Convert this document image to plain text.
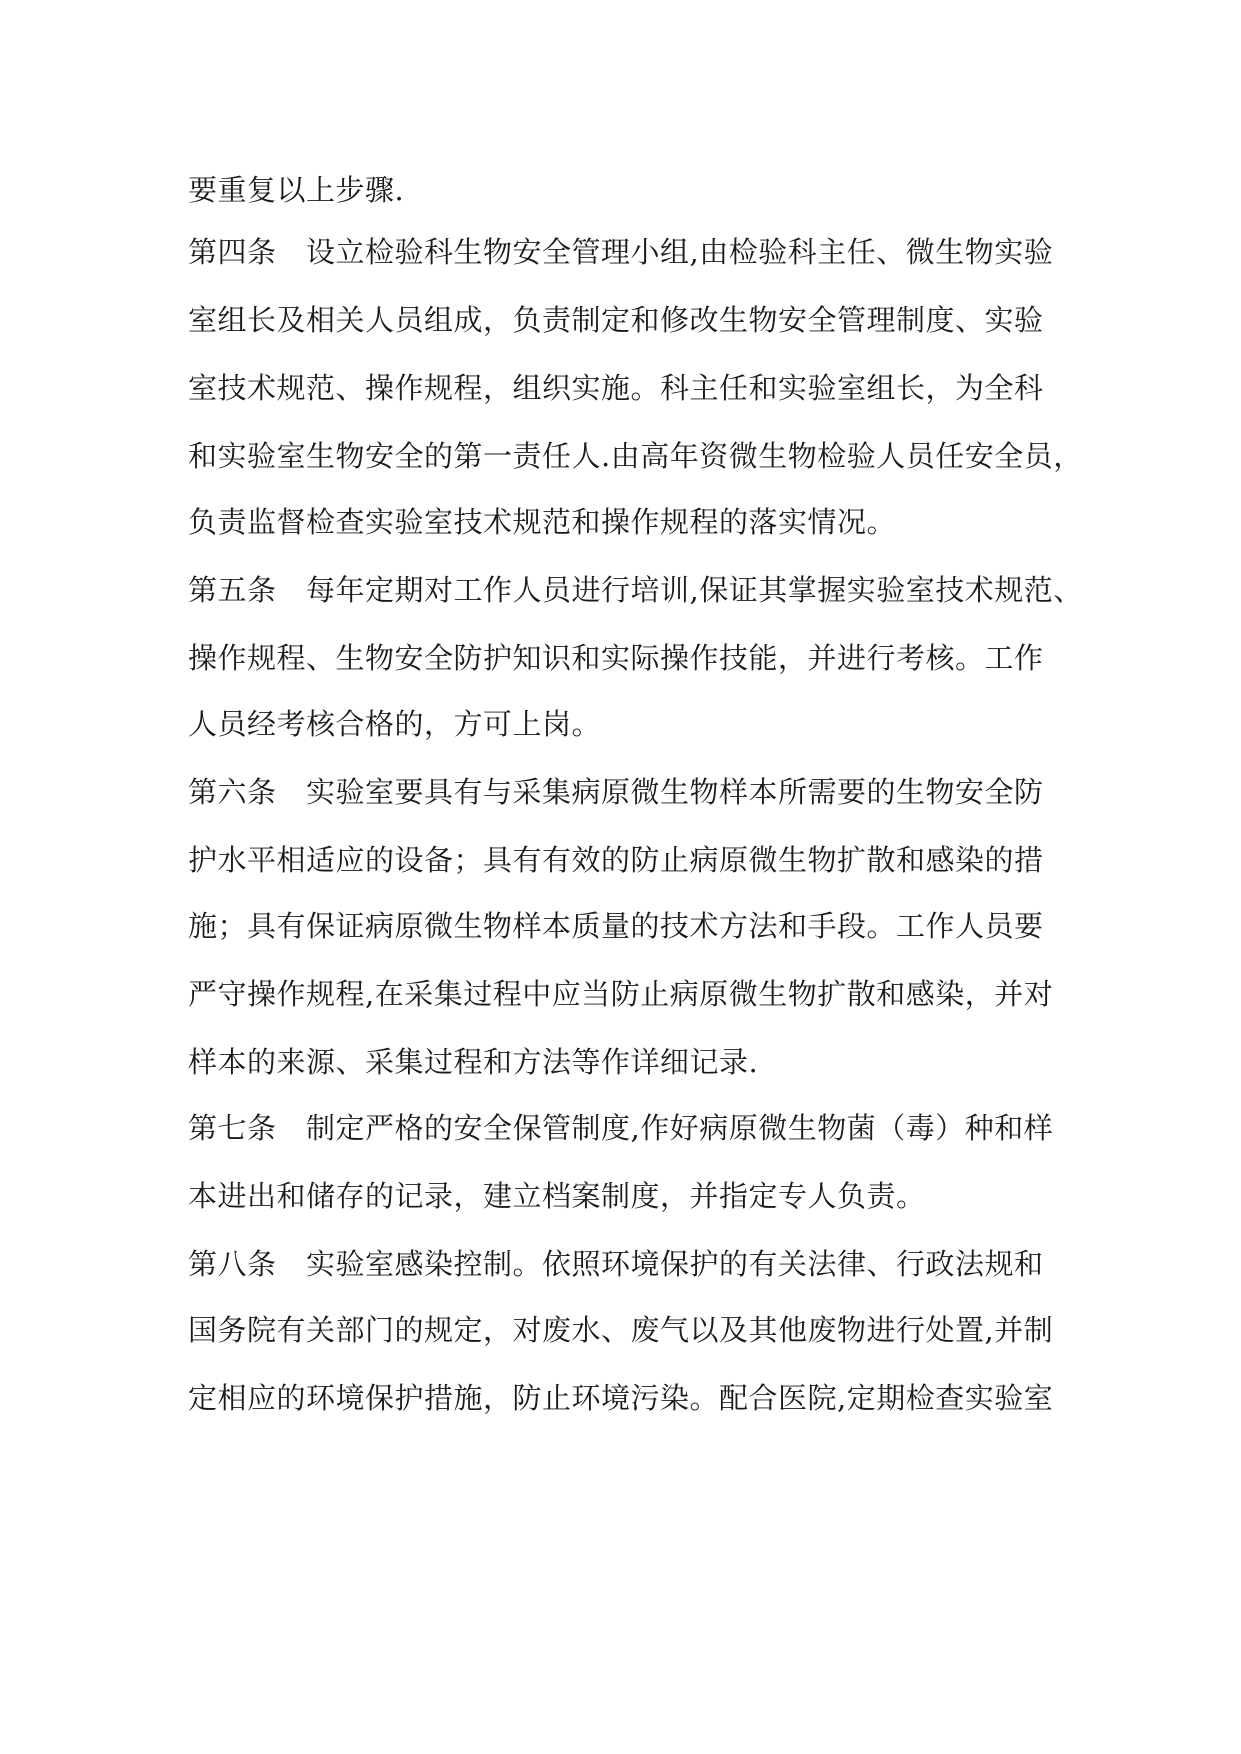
要重复以上步骤.
第四条　设立检验科生物安全管理小组,由检验科主任、微生物实验
室组长及相关人员组成，负责制定和修改生物安全管理制度、实验
室技术规范、操作规程，组织实施。科主任和实验室组长，为全科
和实验室生物安全的第一责任人.由高年资微生物检验人员任安全员，
负责监督检查实验室技术规范和操作规程的落实情况。
第五条　每年定期对工作人员进行培训,保证其掌握实验室技术规范、
操作规程、生物安全防护知识和实际操作技能，并进行考核。工作
人员经考核合格的，方可上岗。
第六条　实验室要具有与采集病原微生物样本所需要的生物安全防
护水平相适应的设备；具有有效的防止病原微生物扩散和感染的措
施；具有保证病原微生物样本质量的技术方法和手段。工作人员要
严守操作规程,在采集过程中应当防止病原微生物扩散和感染，并对
样本的来源、采集过程和方法等作详细记录.
第七条　制定严格的安全保管制度,作好病原微生物菌（毒）种和样
本进出和储存的记录，建立档案制度，并指定专人负责。
第八条　实验室感染控制。依照环境保护的有关法律、行政法规和
国务院有关部门的规定，对废水、废气以及其他废物进行处置,并制
定相应的环境保护措施，防止环境污染。配合医院,定期检查实验室
